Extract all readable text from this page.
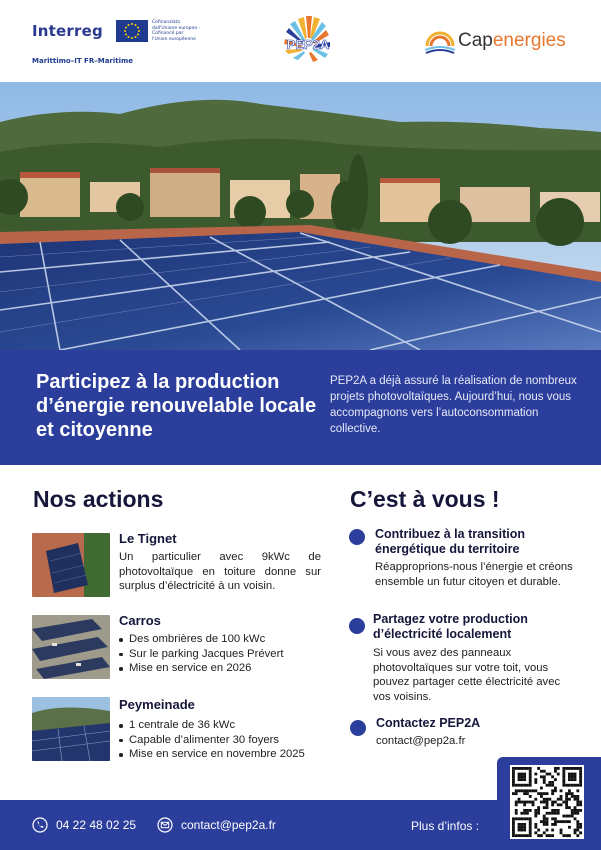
Interreg	Cofinanziato dall'Unione europea · Cofinancé par l'Union européenne
Marittimo–IT FR–Maritime
PEP2A	Capenergies
Participez à la production d’énergie renouvelable locale et citoyenne
PEP2A a déjà assuré la réalisation de nombreux projets photovoltaïques. Aujourd’hui, nous vous accompagnons vers l’autoconsommation collective.
Nos actions
Le Tignet
Un particulier avec 9kWc de photovoltaïque en toiture donne sur surplus d’électricité à un voisin.
Carros
Des ombrières de 100 kWc
Sur le parking Jacques Prévert
Mise en service en 2026
Peymeinade
1 centrale de 36 kWc
Capable d’alimenter 30 foyers
Mise en service en novembre 2025
C’est à vous !
Contribuez à la transition énergétique du territoire
Réapproprions-nous l’énergie et créons ensemble un futur citoyen et durable.
Partagez votre production d’électricité localement
Si vous avez des panneaux photovoltaïques sur votre toit, vous pouvez partager cette électricité avec vos voisins.
Contactez PEP2A
contact@pep2a.fr
04 22 48 02 25	contact@pep2a.fr	Plus d’infos :
